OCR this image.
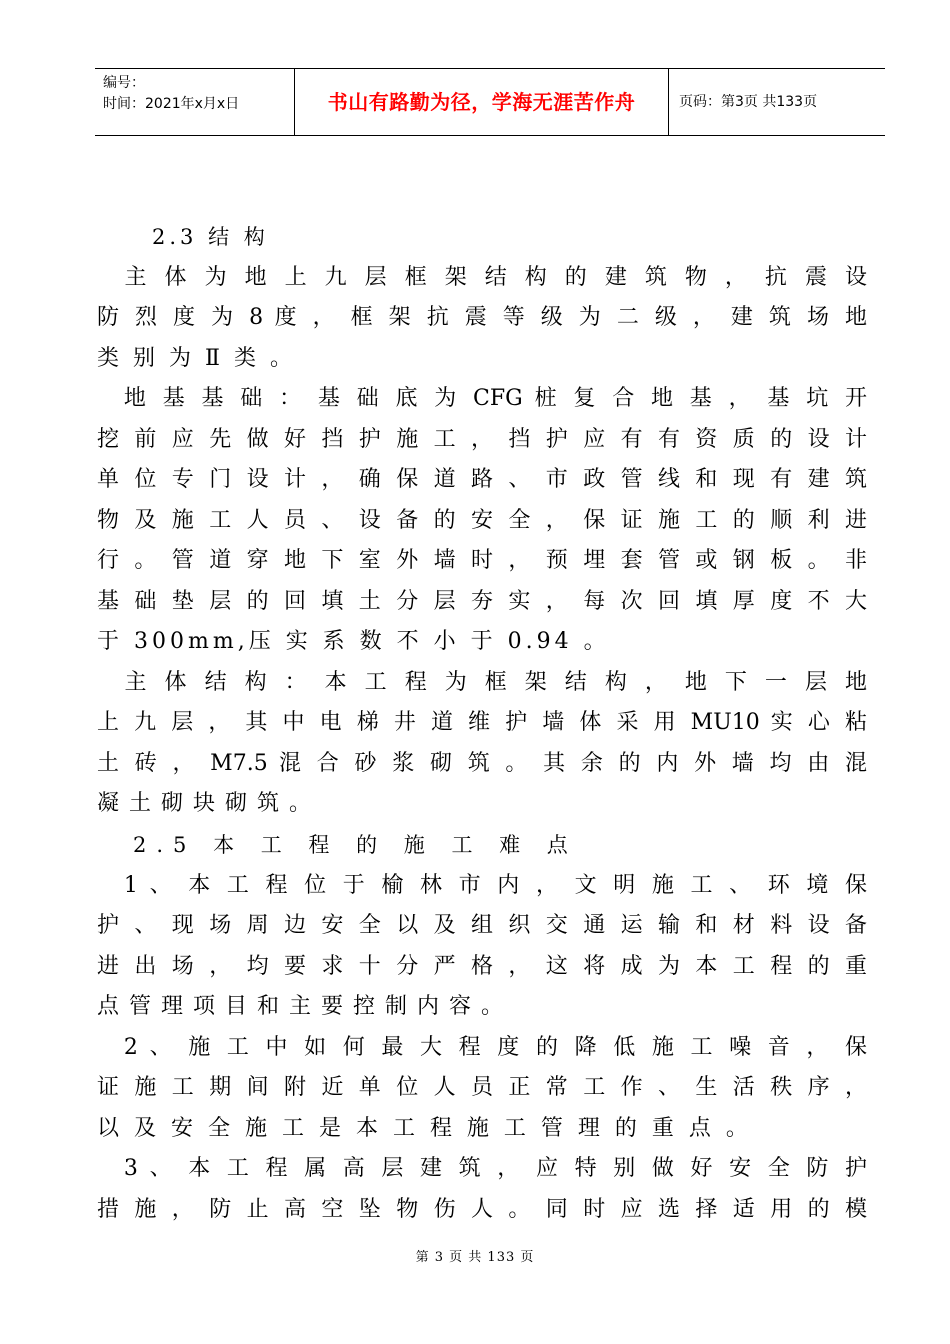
编号：
时间：2021年x月x日	书山有路勤为径，学海无涯苦作舟	页码：第3页 共133页
2.3 结 构
　主 体 为 地 上 九 层 框 架 结 构 的 建 筑 物 ， 抗 震 设
防 烈 度 为 8 度 ， 框 架 抗 震 等 级 为 二 级 ， 建 筑 场 地
类别为Ⅱ类。
　地 基 基 础 ： 基 础 底 为 CFG 桩 复 合 地 基 ， 基 坑 开
挖 前 应 先 做 好 挡 护 施 工 ， 挡 护 应 有 有 资 质 的 设 计
单 位 专 门 设 计 ， 确 保 道 路 、 市 政 管 线 和 现 有 建 筑
物 及 施 工 人 员 、 设 备 的 安 全 ， 保 证 施 工 的 顺 利 进
行 。 管 道 穿 地 下 室 外 墙 时 ， 预 埋 套 管 或 钢 板 。 非
基 础 垫 层 的 回 填 土 分 层 夯 实 ， 每 次 回 填 厚 度 不 大
于 300mm,压 实 系 数 不 小 于 0.94 。
　主 体 结 构 ： 本 工 程 为 框 架 结 构 ， 地 下 一 层 地
上 九 层 ， 其 中 电 梯 井 道 维 护 墙 体 采 用 MU10 实 心 粘
土 砖 ， M7.5 混 合 砂 浆 砌 筑 。 其 余 的 内 外 墙 均 由 混
凝土砌块砌筑。
2.5 本 工 程 的 施 工 难 点
　1 、 本 工 程 位 于 榆 林 市 内 ， 文 明 施 工 、 环 境 保
护 、 现 场 周 边 安 全 以 及 组 织 交 通 运 输 和 材 料 设 备
进 出 场 ， 均 要 求 十 分 严 格 ， 这 将 成 为 本 工 程 的 重
点管理项目和主要控制内容。
　2 、 施 工 中 如 何 最 大 程 度 的 降 低 施 工 噪 音 ， 保
证 施 工 期 间 附 近 单 位 人 员 正 常 工 作 、 生 活 秩 序 ，
以 及 安 全 施 工 是 本 工 程 施 工 管 理 的 重 点 。
　3 、 本 工 程 属 高 层 建 筑 ， 应 特 别 做 好 安 全 防 护
措 施 ， 防 止 高 空 坠 物 伤 人 。 同 时 应 选 择 适 用 的 模
第 3 页 共 133 页
